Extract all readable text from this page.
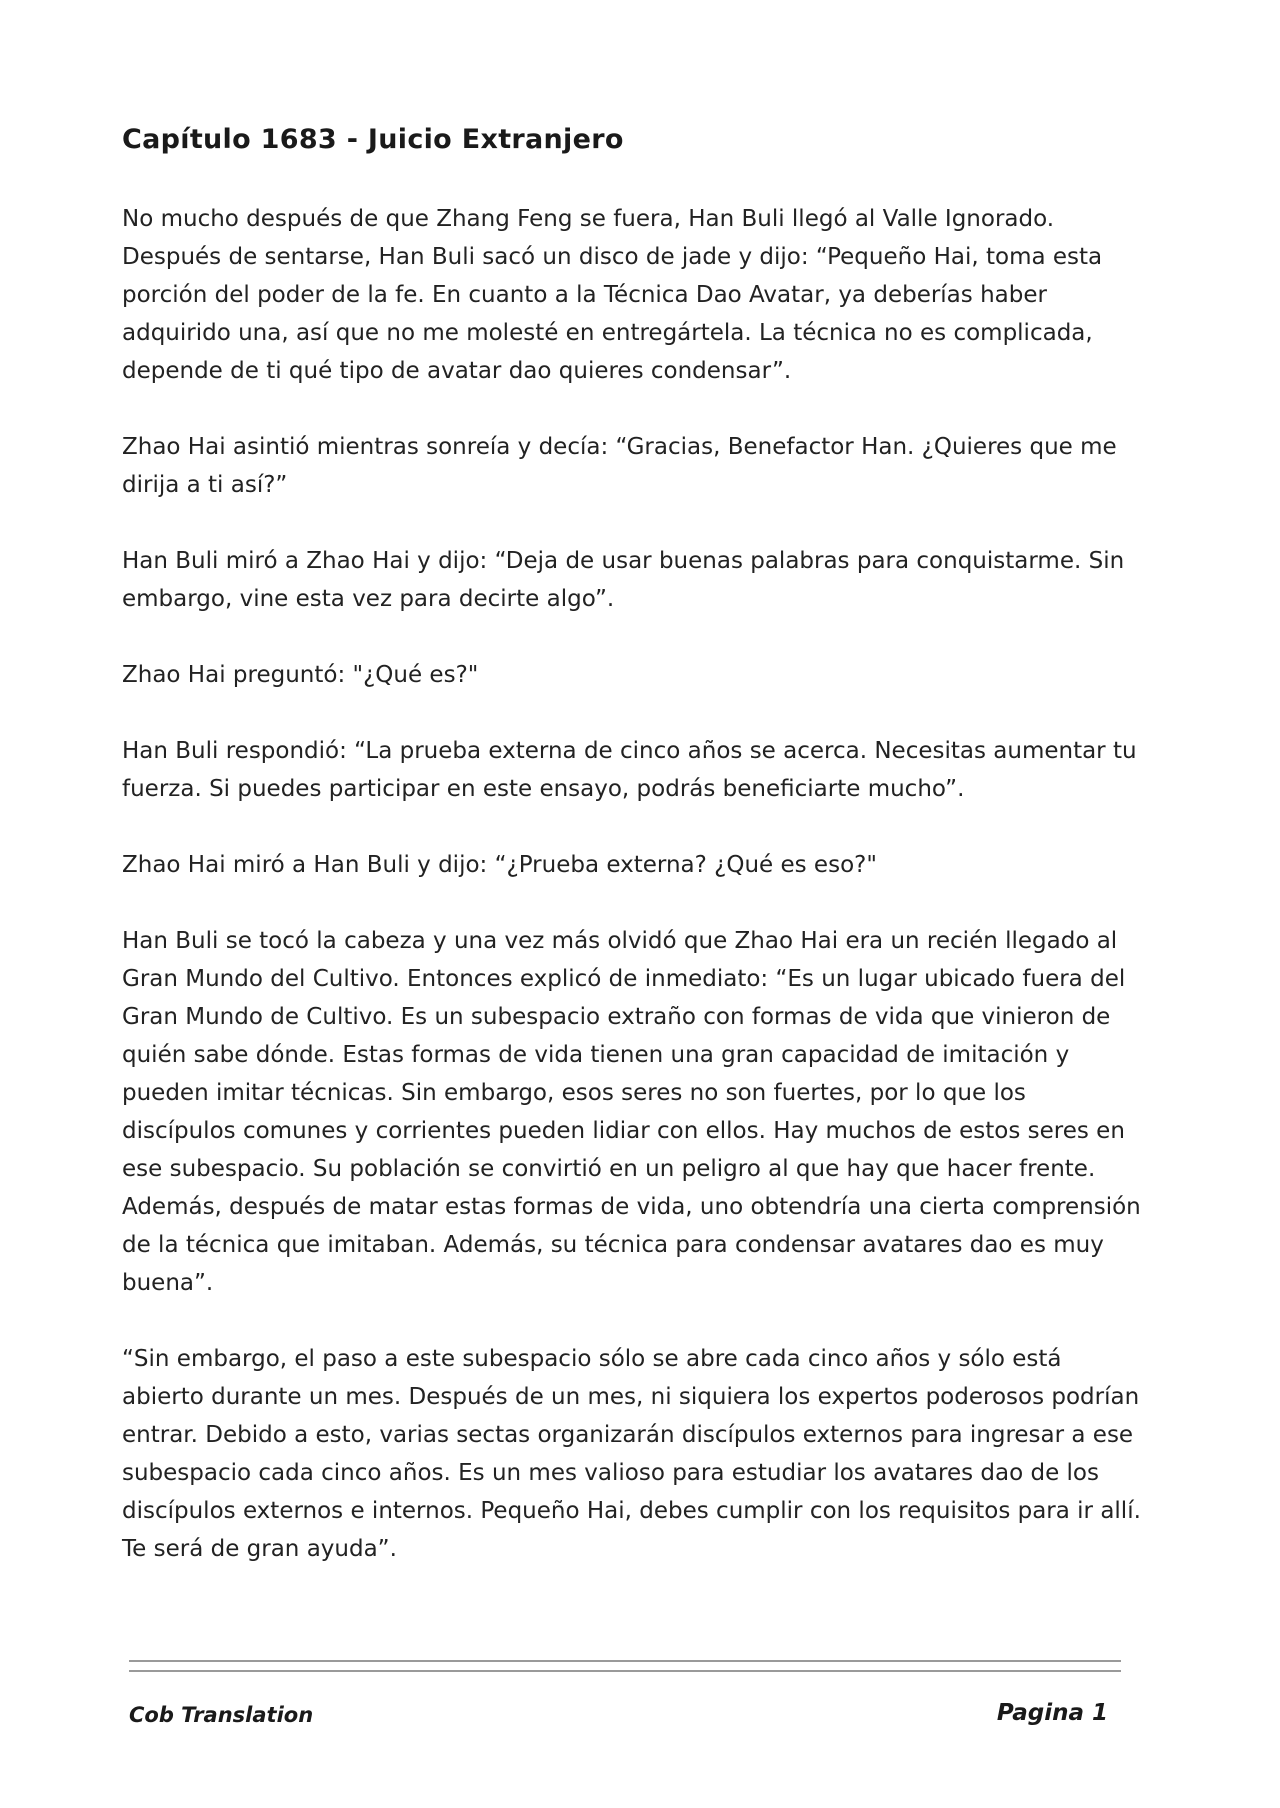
Capítulo 1683 - Juicio Extranjero

No mucho después de que Zhang Feng se fuera, Han Buli llegó al Valle Ignorado. Después de sentarse, Han Buli sacó un disco de jade y dijo: “Pequeño Hai, toma esta porción del poder de la fe. En cuanto a la Técnica Dao Avatar, ya deberías haber adquirido una, así que no me molesté en entregártela. La técnica no es complicada, depende de ti qué tipo de avatar dao quieres condensar”.

Zhao Hai asintió mientras sonreía y decía: “Gracias, Benefactor Han. ¿Quieres que me dirija a ti así?”

Han Buli miró a Zhao Hai y dijo: “Deja de usar buenas palabras para conquistarme. Sin embargo, vine esta vez para decirte algo”.

Zhao Hai preguntó: "¿Qué es?"

Han Buli respondió: “La prueba externa de cinco años se acerca. Necesitas aumentar tu fuerza. Si puedes participar en este ensayo, podrás beneficiarte mucho”.

Zhao Hai miró a Han Buli y dijo: “¿Prueba externa? ¿Qué es eso?"

Han Buli se tocó la cabeza y una vez más olvidó que Zhao Hai era un recién llegado al Gran Mundo del Cultivo. Entonces explicó de inmediato: “Es un lugar ubicado fuera del Gran Mundo de Cultivo. Es un subespacio extraño con formas de vida que vinieron de quién sabe dónde. Estas formas de vida tienen una gran capacidad de imitación y pueden imitar técnicas. Sin embargo, esos seres no son fuertes, por lo que los discípulos comunes y corrientes pueden lidiar con ellos. Hay muchos de estos seres en ese subespacio. Su población se convirtió en un peligro al que hay que hacer frente. Además, después de matar estas formas de vida, uno obtendría una cierta comprensión de la técnica que imitaban. Además, su técnica para condensar avatares dao es muy buena”.

“Sin embargo, el paso a este subespacio sólo se abre cada cinco años y sólo está abierto durante un mes. Después de un mes, ni siquiera los expertos poderosos podrían entrar. Debido a esto, varias sectas organizarán discípulos externos para ingresar a ese subespacio cada cinco años. Es un mes valioso para estudiar los avatares dao de los discípulos externos e internos. Pequeño Hai, debes cumplir con los requisitos para ir allí. Te será de gran ayuda”.

Cob Translation	Pagina 1
